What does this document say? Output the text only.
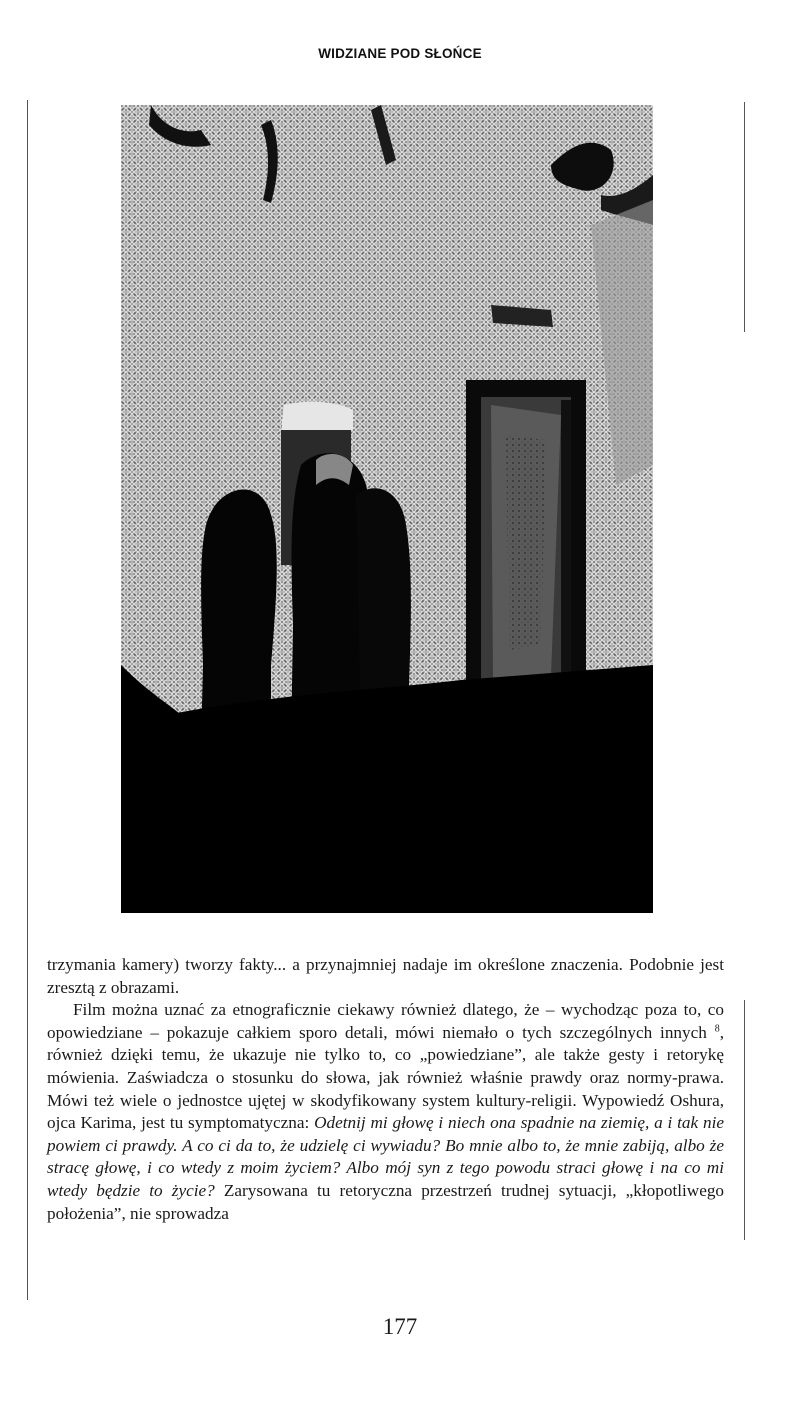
WIDZIANE POD SŁOŃCE

trzymania kamery) tworzy fakty... a przynajmniej nadaje im określone znaczenia. Podobnie jest zresztą z obrazami.

Film można uznać za etnograficznie ciekawy również dlatego, że – wychodząc poza to, co opowiedziane – pokazuje całkiem sporo detali, mówi niemało o tych szczególnych innych $^8$, również dzięki temu, że ukazuje nie tylko to, co „powiedziane”, ale także gesty i retorykę mówienia. Zaświadcza o stosunku do słowa, jak również właśnie prawdy oraz normy-prawa. Mówi też wiele o jednostce ujętej w skodyfikowany system kultury-religii. Wypowiedź Oshura, ojca Karima, jest tu symptomatyczna: Odetnij mi głowę i niech ona spadnie na ziemię, a i tak nie powiem ci prawdy. A co ci da to, że udzielę ci wywiadu? Bo mnie albo to, że mnie zabiją, albo że stracę głowę, i co wtedy z moim życiem? Albo mój syn z tego powodu straci głowę i na co mi wtedy będzie to życie? Zarysowana tu retoryczna przestrzeń trudnej sytuacji, „kłopotliwego położenia”, nie sprowadza

177
